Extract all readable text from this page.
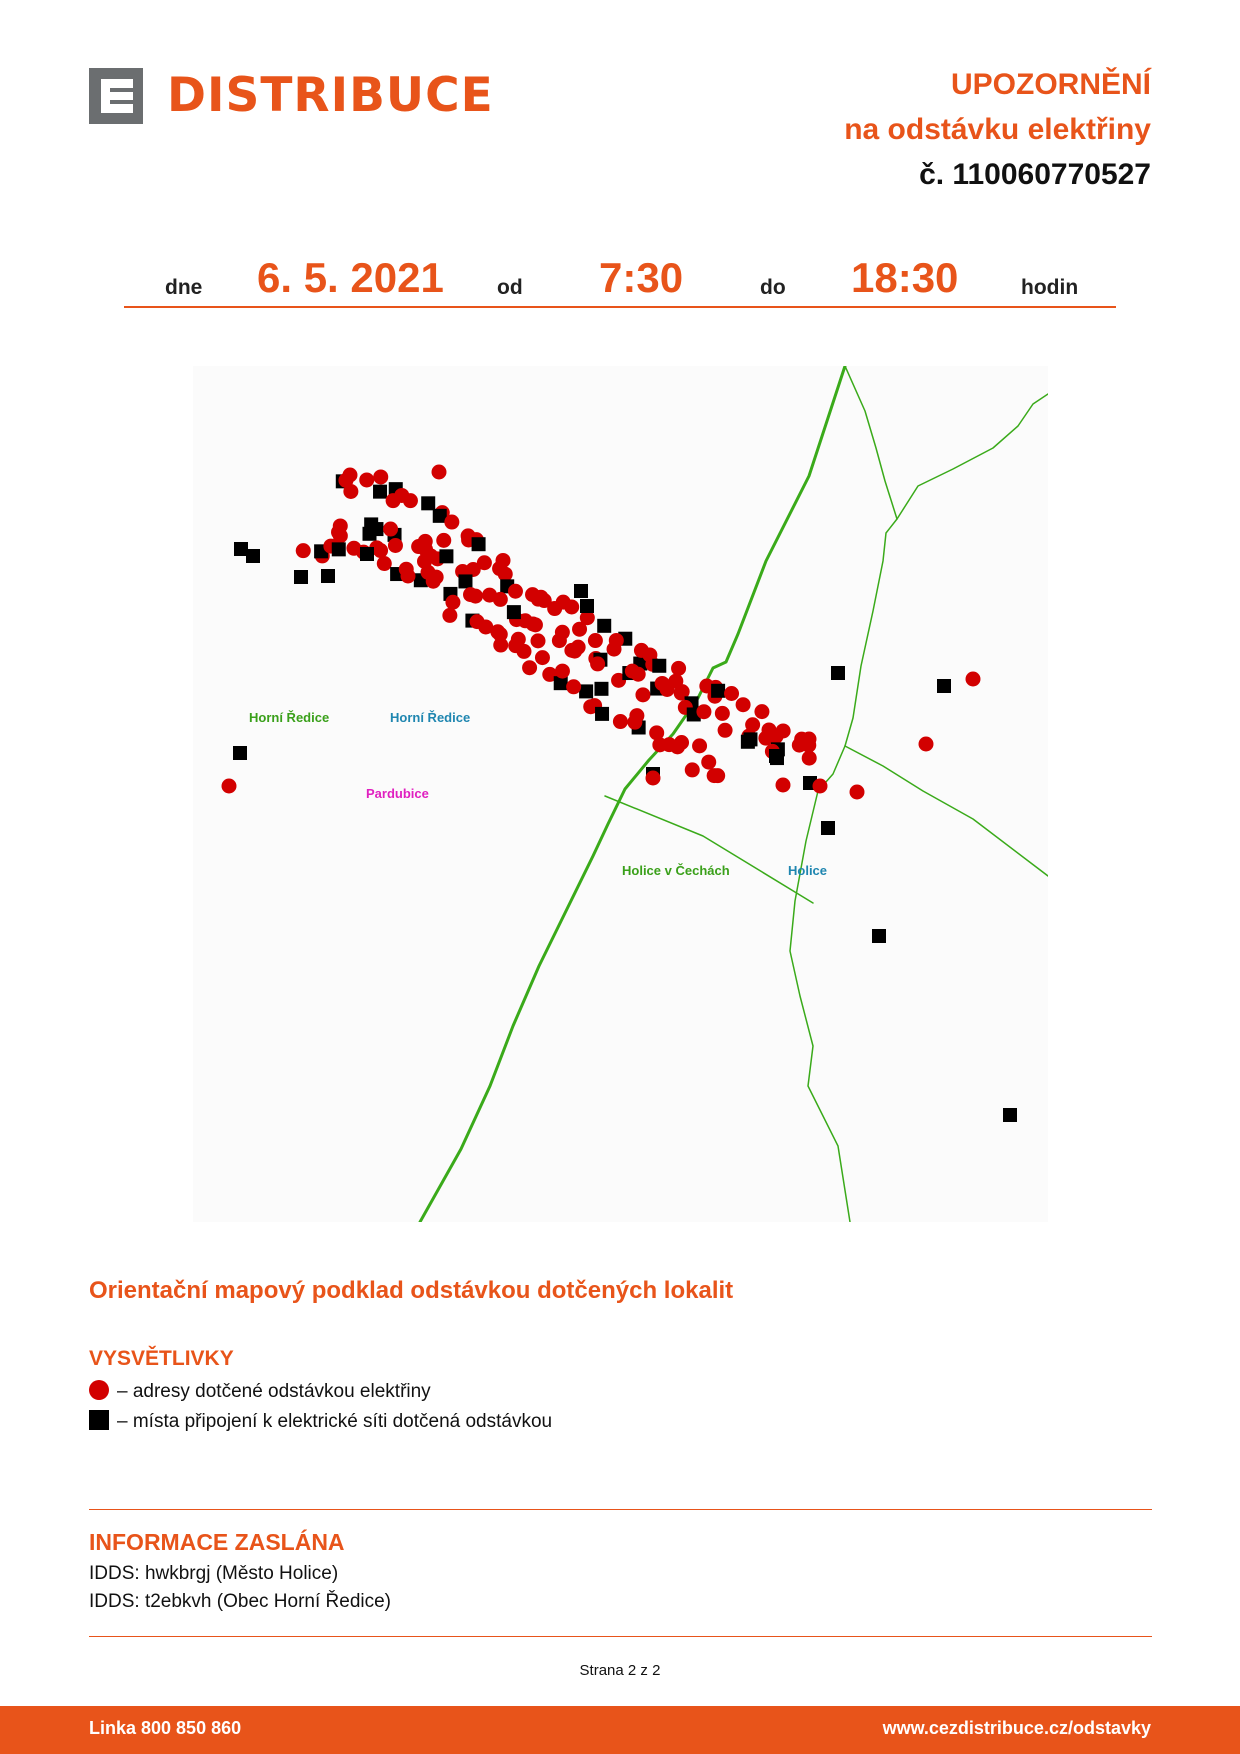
DISTRIBUCE	UPOZORNĚNÍ
na odstávku elektřiny
č. 110060770527
dne 6. 5. 2021	od 7:30	do 18:30	hodin
Horní Ředice	Horní Ředice
Pardubice
Holice v Čechách	Holice
Orientační mapový podklad odstávkou dotčených lokalit
VYSVĚTLIVKY
– adresy dotčené odstávkou elektřiny
– místa připojení k elektrické síti dotčená odstávkou
INFORMACE ZASLÁNA
IDDS: hwkbrgj (Město Holice)
IDDS: t2ebkvh (Obec Horní Ředice)
Strana 2 z 2
Linka 800 850 860	www.cezdistribuce.cz/odstavky
